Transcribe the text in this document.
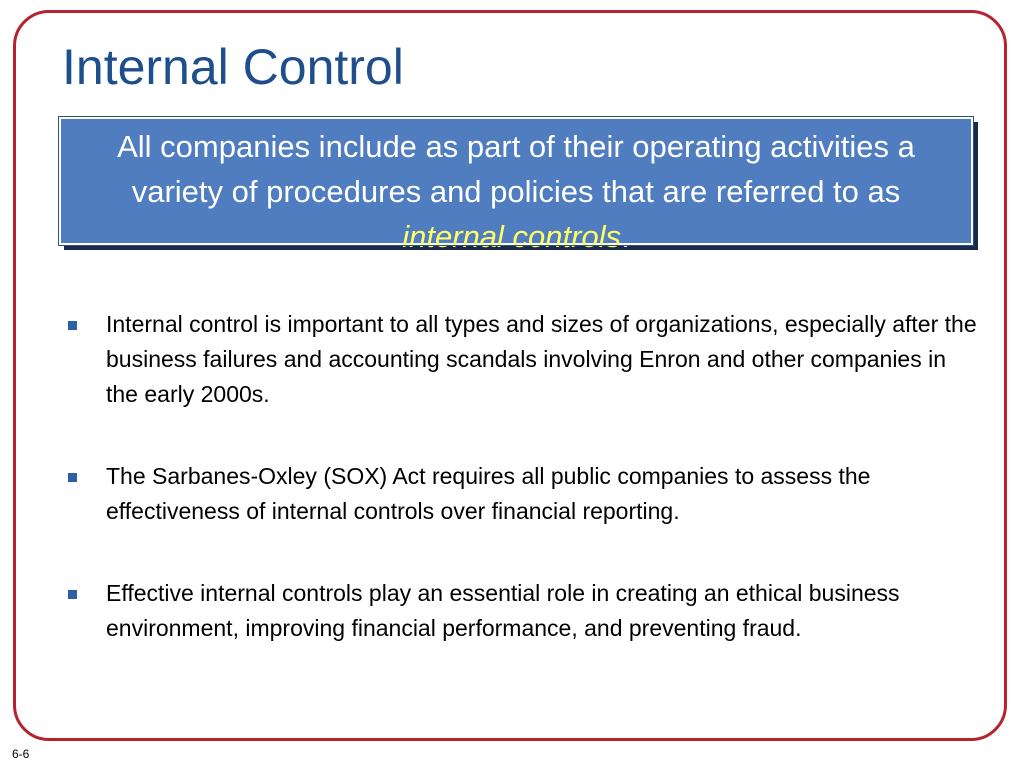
Internal Control
All companies include as part of their operating activities a variety of procedures and policies that are referred to as internal controls.
Internal control is important to all types and sizes of organizations, especially after the business failures and accounting scandals involving Enron and other companies in the early 2000s.
The Sarbanes-Oxley (SOX) Act requires all public companies to assess the effectiveness of internal controls over financial reporting.
Effective internal controls play an essential role in creating an ethical business environment, improving financial performance, and preventing fraud.
6-6
